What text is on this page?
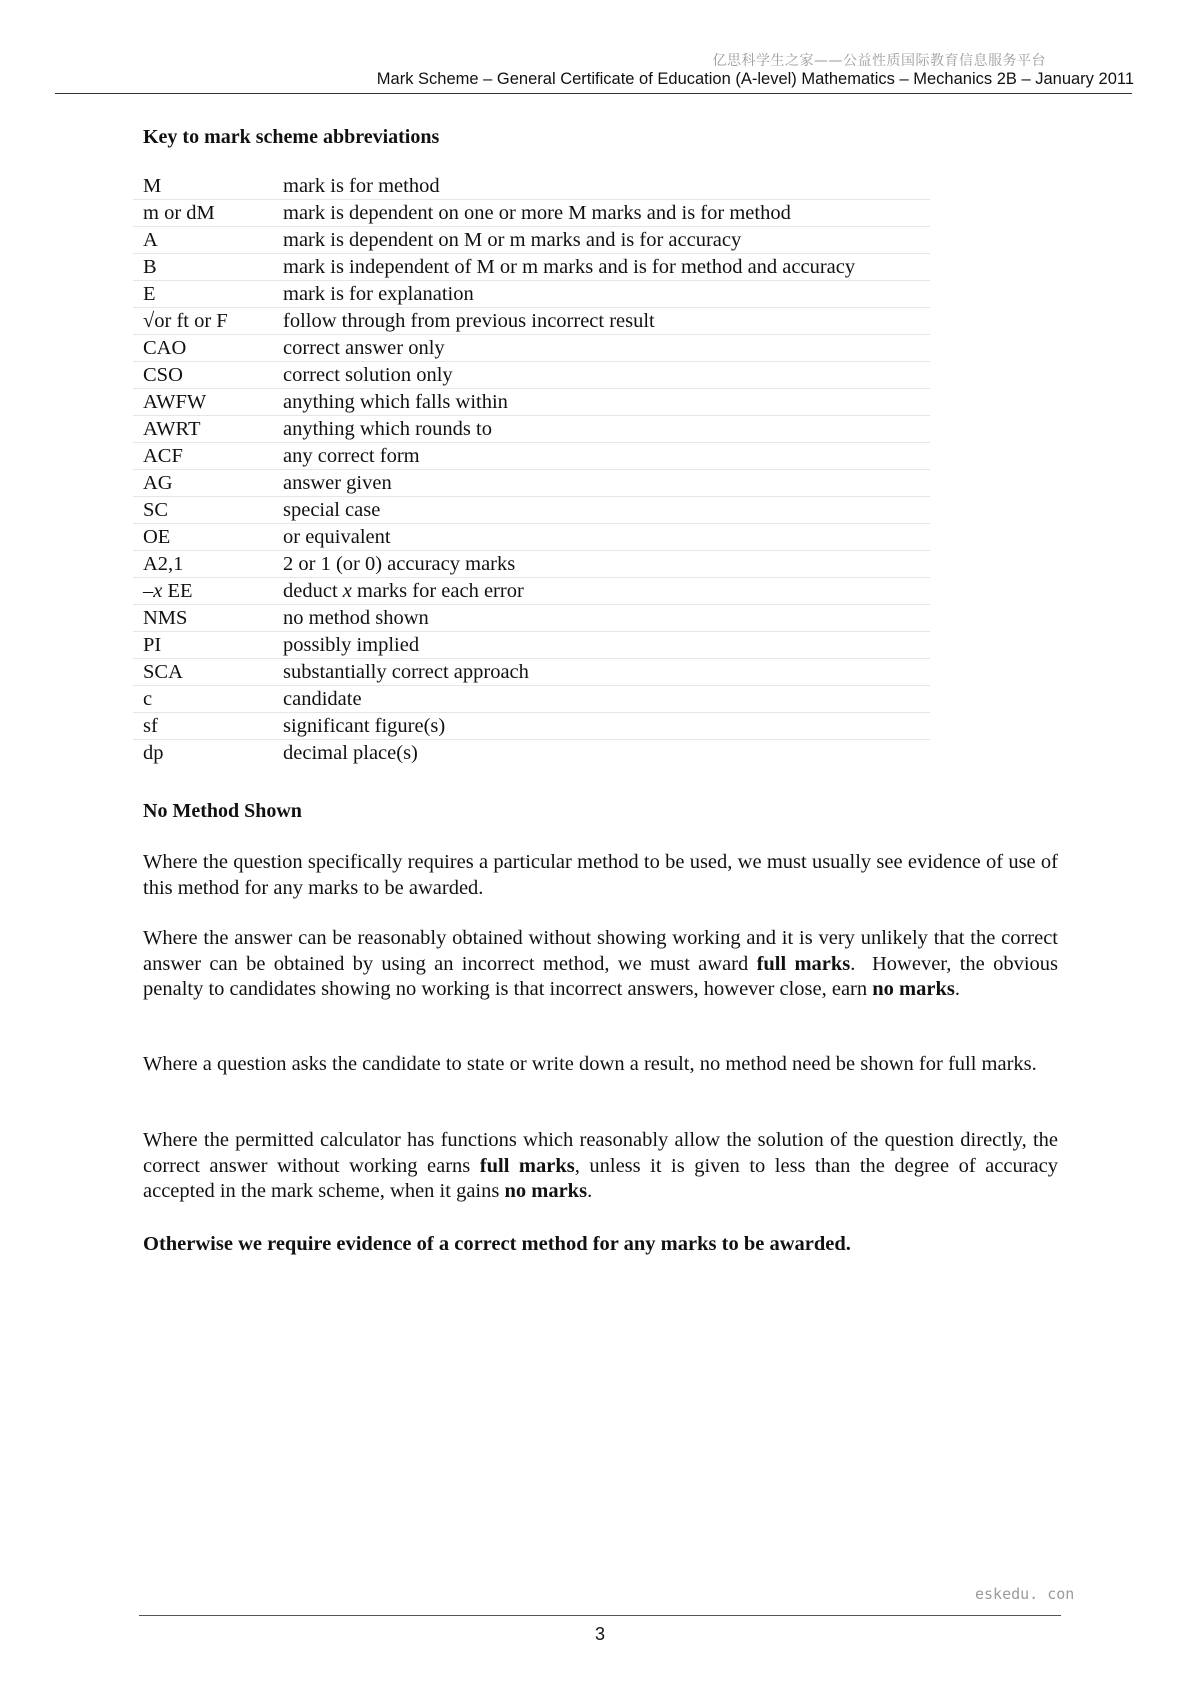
亿思科学生之家——公益性质国际教育信息服务平台
Mark Scheme – General Certificate of Education (A-level) Mathematics – Mechanics 2B – January 2011
Key to mark scheme abbreviations
M	mark is for method
m or dM	mark is dependent on one or more M marks and is for method
A	mark is dependent on M or m marks and is for accuracy
B	mark is independent of M or m marks and is for method and accuracy
E	mark is for explanation
√or ft or F	follow through from previous incorrect result
CAO	correct answer only
CSO	correct solution only
AWFW	anything which falls within
AWRT	anything which rounds to
ACF	any correct form
AG	answer given
SC	special case
OE	or equivalent
A2,1	2 or 1 (or 0) accuracy marks
–x EE	deduct x marks for each error
NMS	no method shown
PI	possibly implied
SCA	substantially correct approach
c	candidate
sf	significant figure(s)
dp	decimal place(s)
No Method Shown
Where the question specifically requires a particular method to be used, we must usually see evidence of use of this method for any marks to be awarded.
Where the answer can be reasonably obtained without showing working and it is very unlikely that the correct answer can be obtained by using an incorrect method, we must award full marks.  However, the obvious penalty to candidates showing no working is that incorrect answers, however close, earn no marks.
Where a question asks the candidate to state or write down a result, no method need be shown for full marks.
Where the permitted calculator has functions which reasonably allow the solution of the question directly, the correct answer without working earns full marks, unless it is given to less than the degree of accuracy accepted in the mark scheme, when it gains no marks.
Otherwise we require evidence of a correct method for any marks to be awarded.
eskedu. con
3
